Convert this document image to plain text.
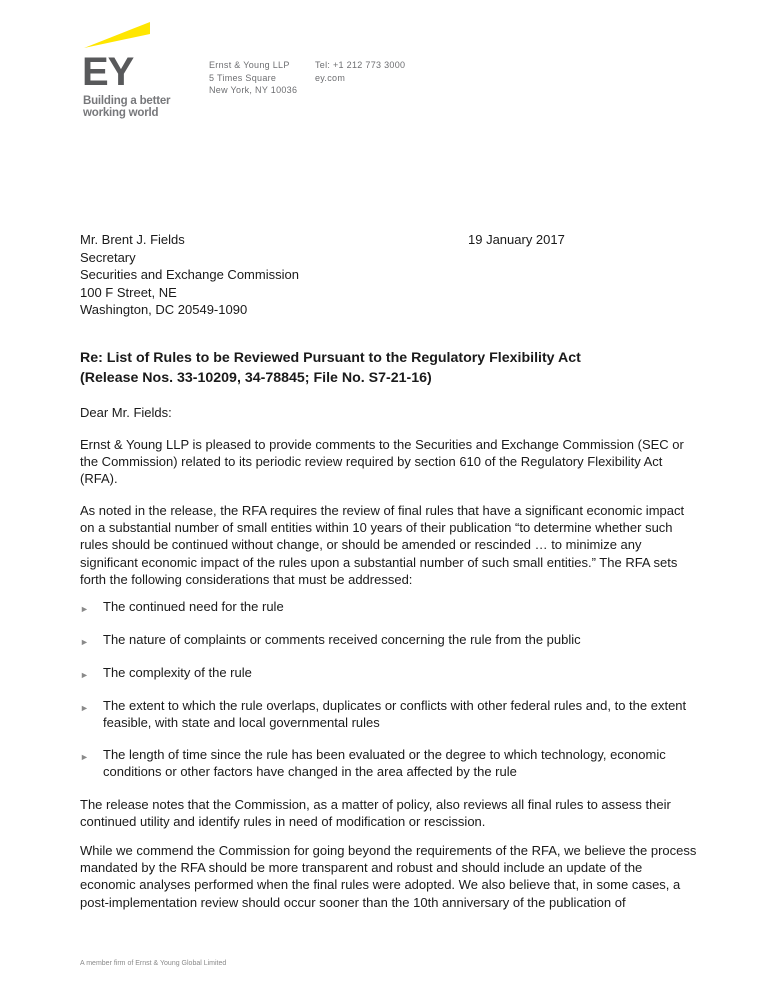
EY
Building a better
working world
Ernst & Young LLP
5 Times Square
New York, NY 10036
Tel: +1 212 773 3000
ey.com
Mr. Brent J. Fields
Secretary
Securities and Exchange Commission
100 F Street, NE
Washington, DC 20549-1090
19 January 2017
Re: List of Rules to be Reviewed Pursuant to the Regulatory Flexibility Act
(Release Nos. 33-10209, 34-78845; File No. S7-21-16)

Dear Mr. Fields:

Ernst & Young LLP is pleased to provide comments to the Securities and Exchange Commission (SEC or the Commission) related to its periodic review required by section 610 of the Regulatory Flexibility Act (RFA).

As noted in the release, the RFA requires the review of final rules that have a significant economic impact on a substantial number of small entities within 10 years of their publication “to determine whether such rules should be continued without change, or should be amended or rescinded … to minimize any significant economic impact of the rules upon a substantial number of such small entities.” The RFA sets forth the following considerations that must be addressed:

► The continued need for the rule
► The nature of complaints or comments received concerning the rule from the public
► The complexity of the rule
► The extent to which the rule overlaps, duplicates or conflicts with other federal rules and, to the extent feasible, with state and local governmental rules
► The length of time since the rule has been evaluated or the degree to which technology, economic conditions or other factors have changed in the area affected by the rule

The release notes that the Commission, as a matter of policy, also reviews all final rules to assess their continued utility and identify rules in need of modification or rescission.

While we commend the Commission for going beyond the requirements of the RFA, we believe the process mandated by the RFA should be more transparent and robust and should include an update of the economic analyses performed when the final rules were adopted. We also believe that, in some cases, a post-implementation review should occur sooner than the 10th anniversary of the publication of

A member firm of Ernst & Young Global Limited
